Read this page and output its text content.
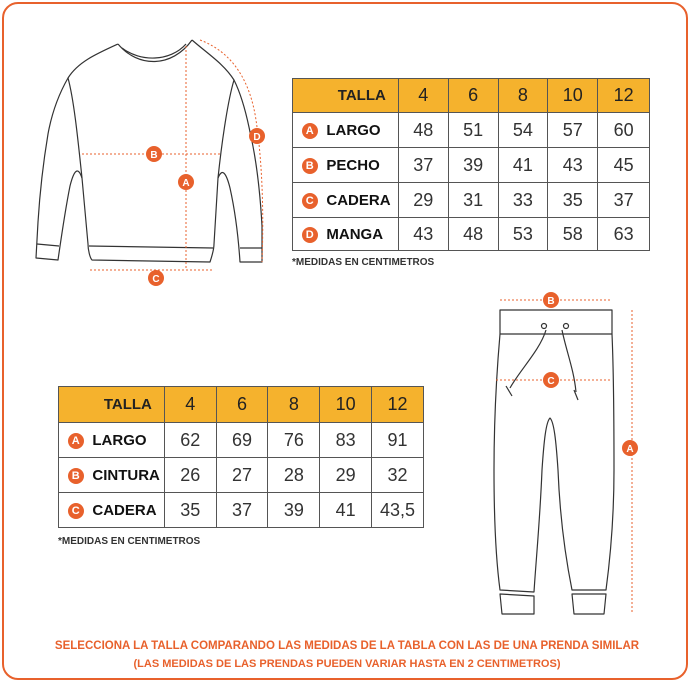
A
B
C
D
B
C
A
TALLA		4	6	8	10	12
A	LARGO	48	51	54	57	60
B	PECHO	37	39	41	43	45
C	CADERA	29	31	33	35	37
D	MANGA	43	48	53	58	63
*MEDIDAS EN CENTIMETROS
TALLA		4	6	8	10	12
A	LARGO	62	69	76	83	91
B	CINTURA	26	27	28	29	32
C	CADERA	35	37	39	41	43,5
*MEDIDAS EN CENTIMETROS
SELECCIONA LA TALLA COMPARANDO LAS MEDIDAS DE LA TABLA CON LAS DE UNA PRENDA SIMILAR
(LAS MEDIDAS DE LAS PRENDAS PUEDEN VARIAR HASTA EN 2 CENTIMETROS)
